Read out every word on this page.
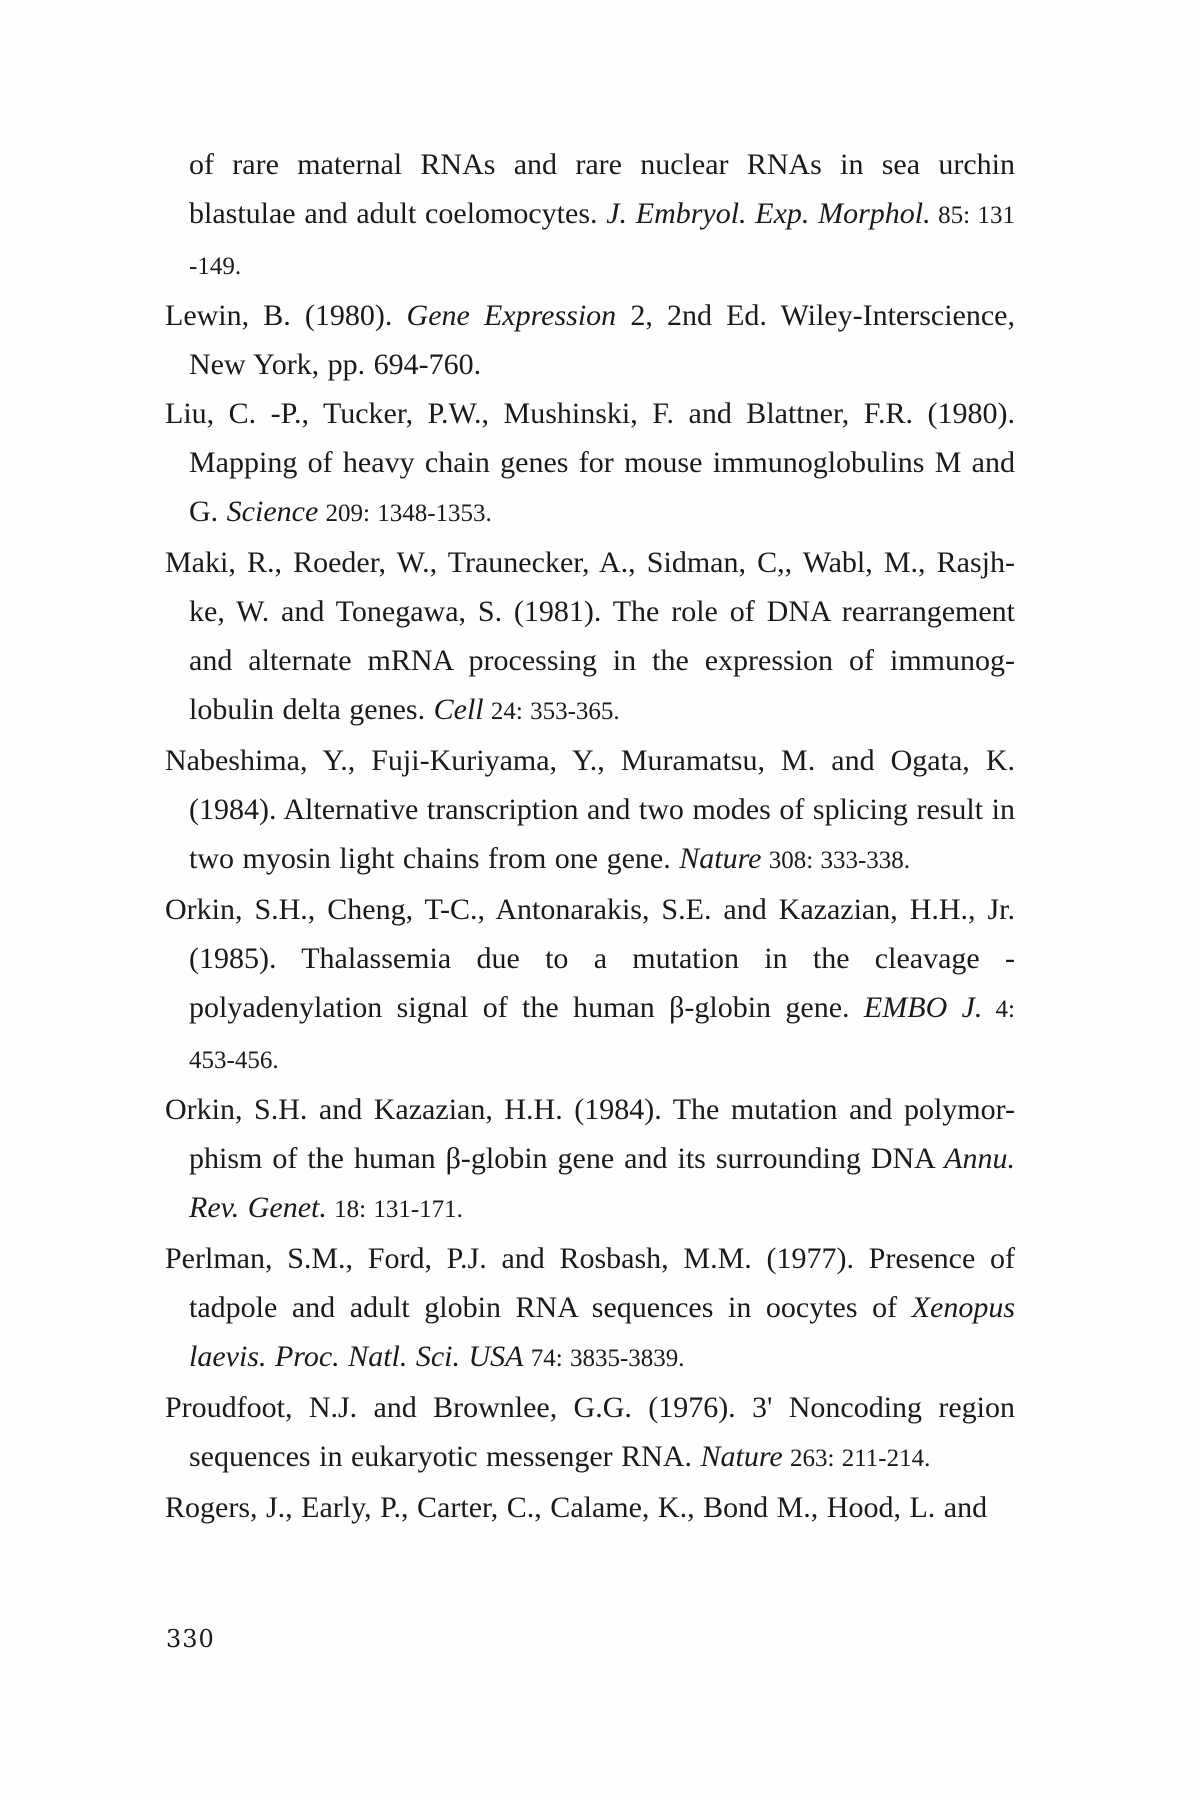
of rare maternal RNAs and rare nuclear RNAs in sea urchin blastulae and adult coelomocytes. J. Embryol. Exp. Morphol. 85: 131 -149.

Lewin, B. (1980). Gene Expression 2, 2nd Ed. Wiley-Interscience, New York, pp. 694-760.

Liu, C. -P., Tucker, P.W., Mushinski, F. and Blattner, F.R. (1980). Mapping of heavy chain genes for mouse immunoglobulins M and G. Science 209: 1348-1353.

Maki, R., Roeder, W., Traunecker, A., Sidman, C,, Wabl, M., Rasjh-ke, W. and Tonegawa, S. (1981). The role of DNA rearrangement and alternate mRNA processing in the expression of immunog-lobulin delta genes. Cell 24: 353-365.

Nabeshima, Y., Fuji-Kuriyama, Y., Muramatsu, M. and Ogata, K. (1984). Alternative transcription and two modes of splicing result in two myosin light chains from one gene. Nature 308: 333-338.

Orkin, S.H., Cheng, T-C., Antonarakis, S.E. and Kazazian, H.H., Jr. (1985). Thalassemia due to a mutation in the cleavage -polyadenylation signal of the human β-globin gene. EMBO J. 4: 453-456.

Orkin, S.H. and Kazazian, H.H. (1984). The mutation and polymor-phism of the human β-globin gene and its surrounding DNA Annu. Rev. Genet. 18: 131-171.

Perlman, S.M., Ford, P.J. and Rosbash, M.M. (1977). Presence of tadpole and adult globin RNA sequences in oocytes of Xenopus laevis. Proc. Natl. Sci. USA 74: 3835-3839.

Proudfoot, N.J. and Brownlee, G.G. (1976). 3' Noncoding region sequences in eukaryotic messenger RNA. Nature 263: 211-214.

Rogers, J., Early, P., Carter, C., Calame, K., Bond M., Hood, L. and

330
